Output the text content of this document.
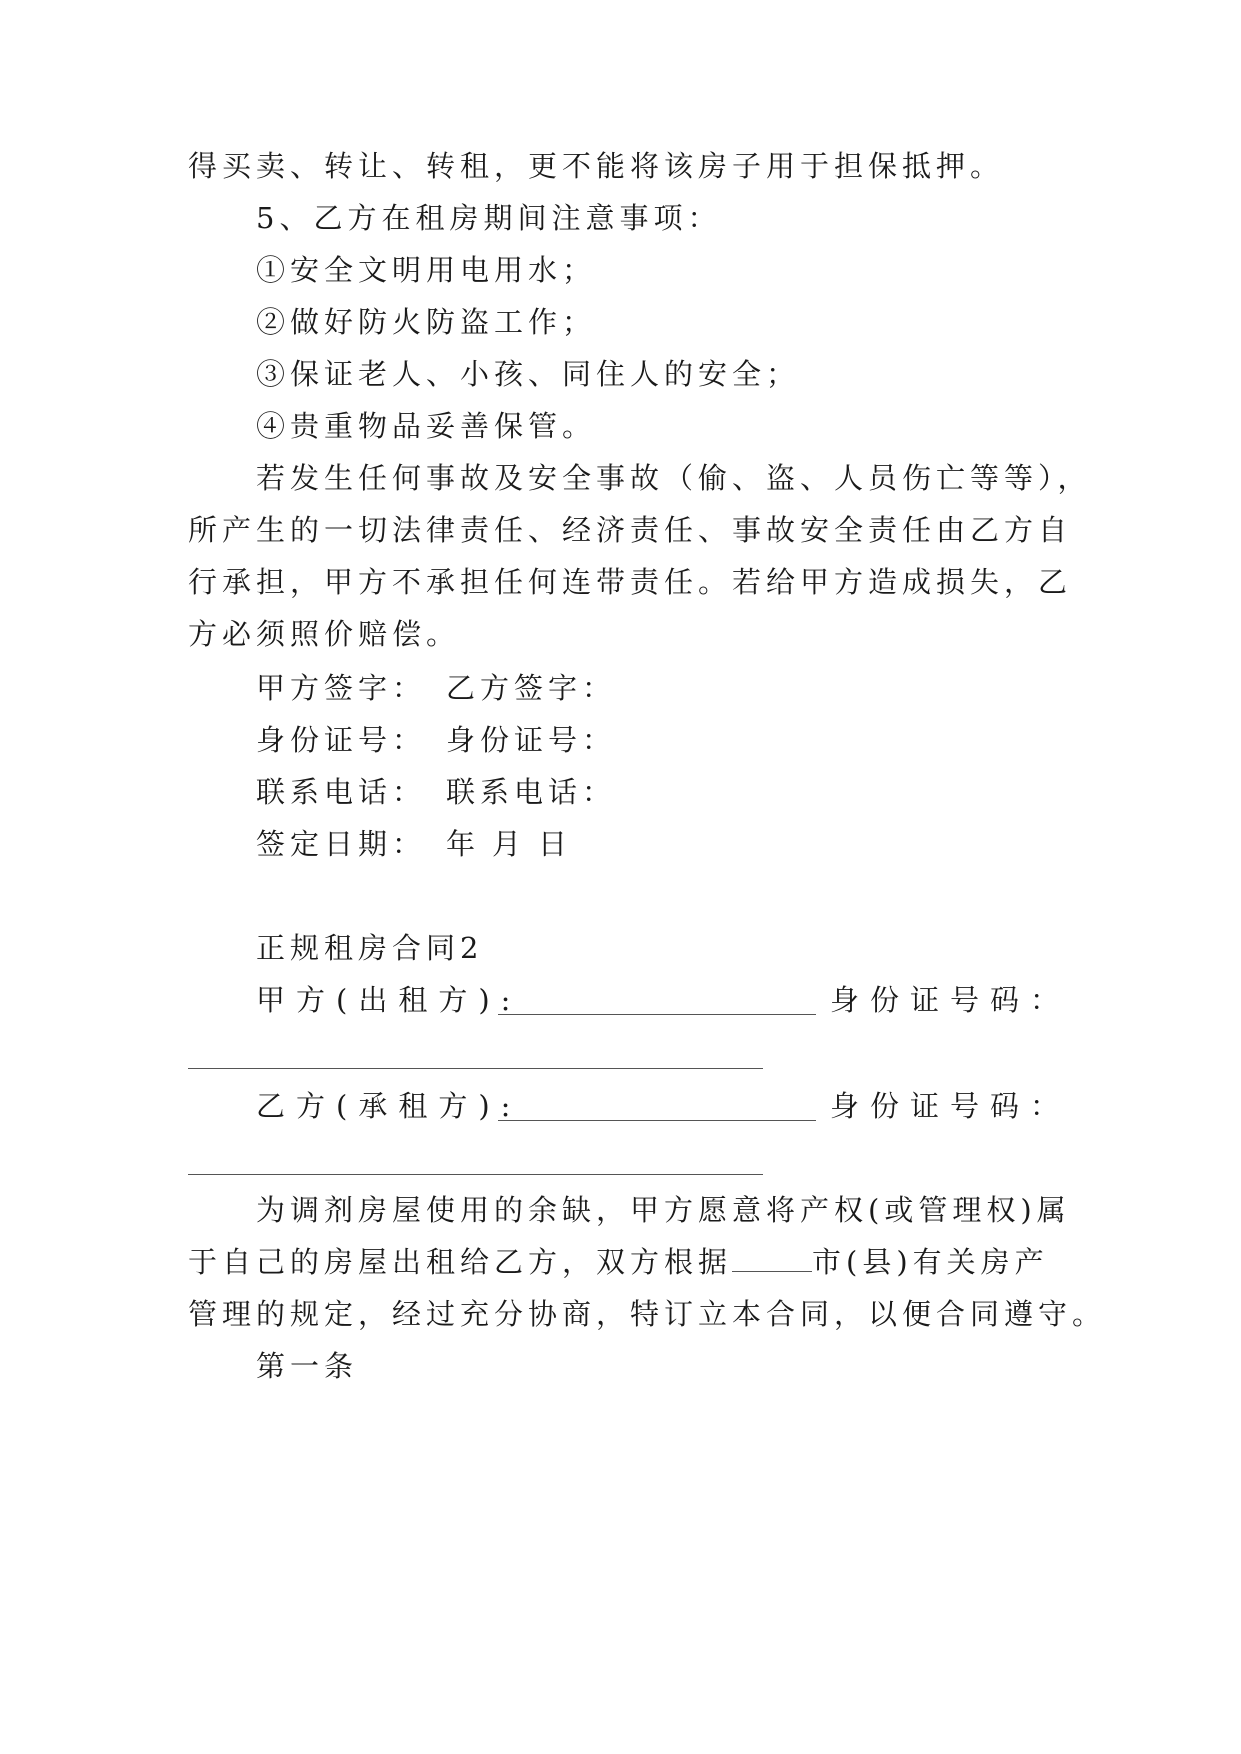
得买卖、转让、转租，更不能将该房子用于担保抵押。
5、乙方在租房期间注意事项：
①安全文明用电用水；
②做好防火防盗工作；
③保证老人、小孩、同住人的安全；
④贵重物品妥善保管。
若发生任何事故及安全事故（偷、盗、人员伤亡等等），
所产生的一切法律责任、经济责任、事故安全责任由乙方自
行承担，甲方不承担任何连带责任。若给甲方造成损失，乙
方必须照价赔偿。
甲方签字： 乙方签字：
身份证号： 身份证号：
联系电话： 联系电话：
签定日期： 年 月 日
正规租房合同2
甲方(出租方):	身份证号码：
乙方(承租方):	身份证号码：
为调剂房屋使用的余缺，甲方愿意将产权(或管理权)属
于自己的房屋出租给乙方，双方根据	市(县)有关房产
管理的规定，经过充分协商，特订立本合同，以便合同遵守。
第一条
